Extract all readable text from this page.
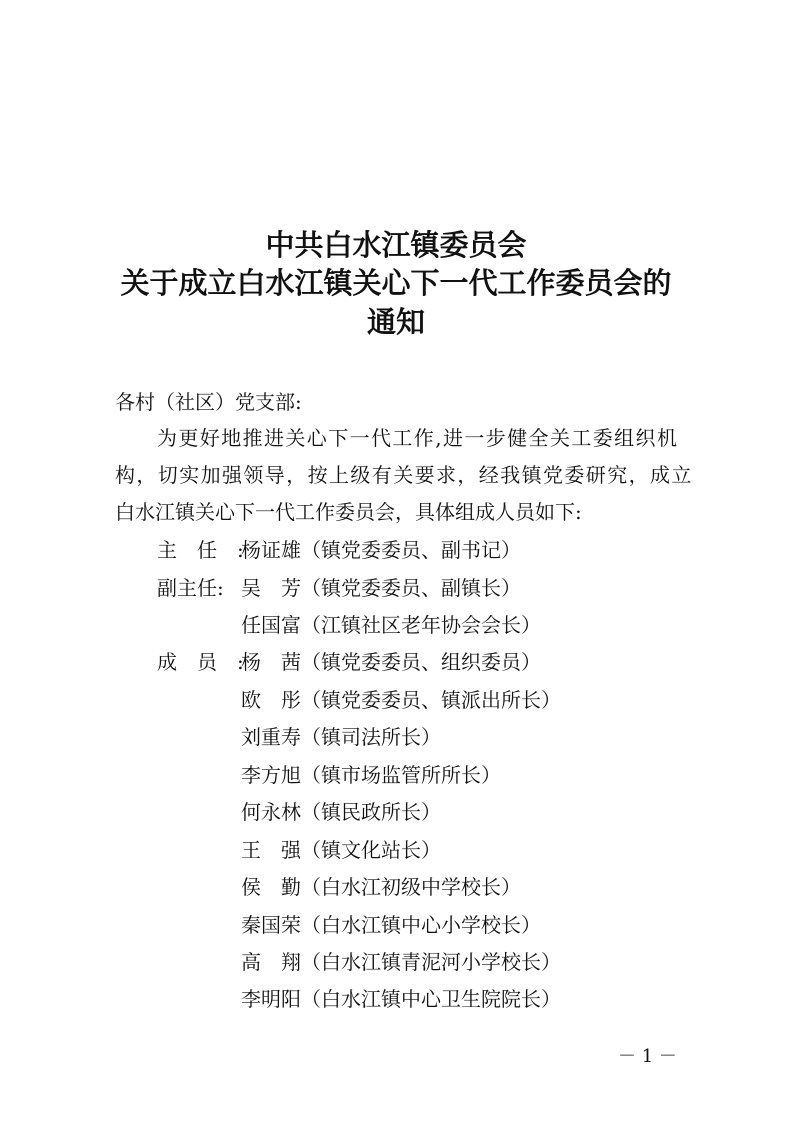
中共白水江镇委员会
关于成立白水江镇关心下一代工作委员会的
通知
各村（社区）党支部:
为更好地推进关心下一代工作,进一步健全关工委组织机
构，切实加强领导，按上级有关要求，经我镇党委研究，成立
白水江镇关心下一代工作委员会，具体组成人员如下:
主任:
副主任:
成员:
杨证雄（镇党委委员、副书记）
吴　芳（镇党委委员、副镇长）
任国富（江镇社区老年协会会长）
杨　茜（镇党委委员、组织委员）
欧　彤（镇党委委员、镇派出所长）
刘重寿（镇司法所长）
李方旭（镇市场监管所所长）
何永林（镇民政所长）
王　强（镇文化站长）
侯　勤（白水江初级中学校长）
秦国荣（白水江镇中心小学校长）
高　翔（白水江镇青泥河小学校长）
李明阳（白水江镇中心卫生院院长）
－ 1 －
